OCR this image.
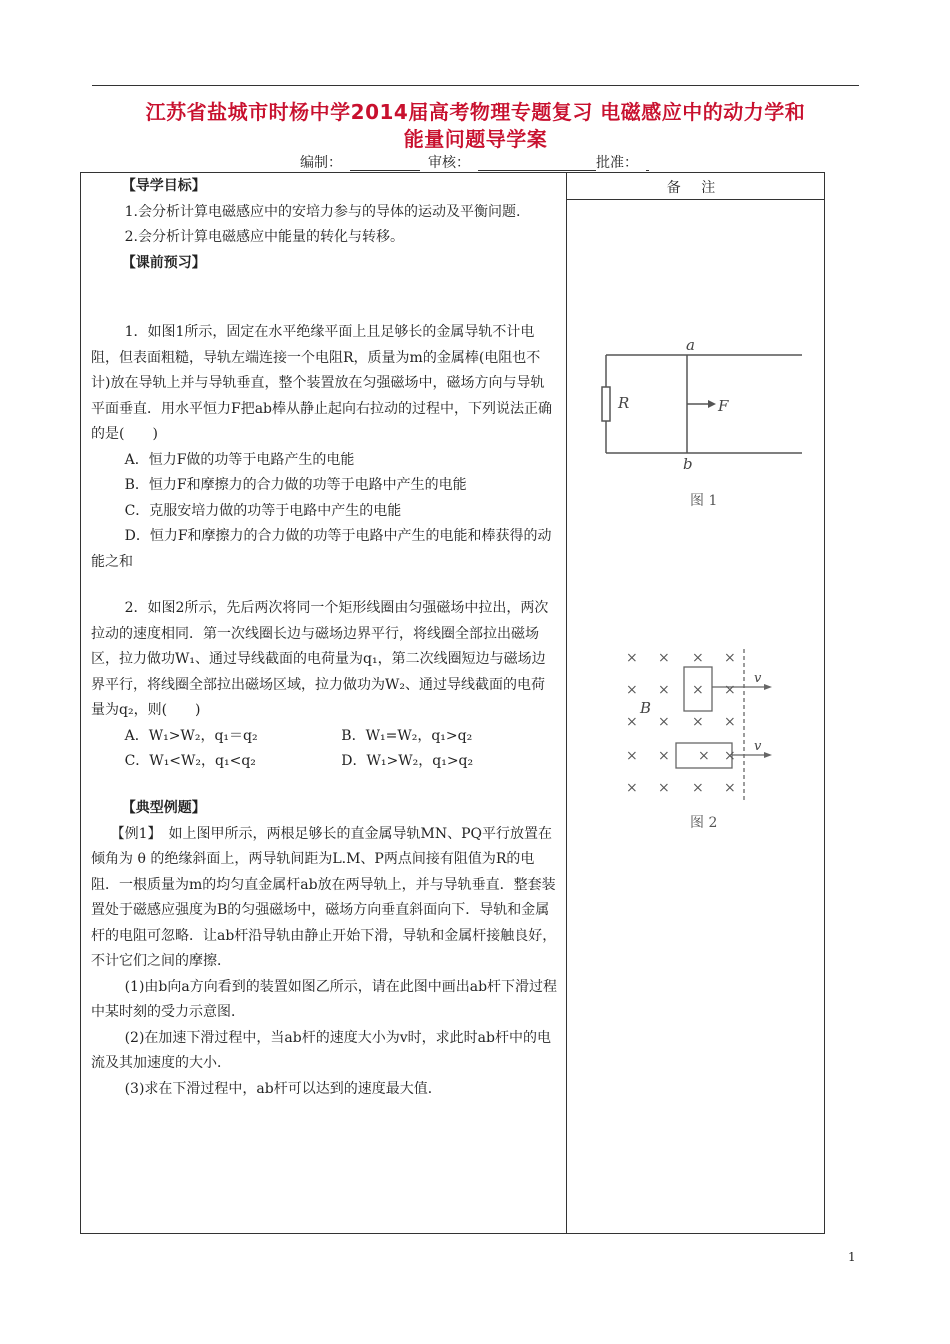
江苏省盐城市时杨中学2014届高考物理专题复习 电磁感应中的动力学和
能量问题导学案
编制：	审核：	批准：
备 注

【导学目标】

1.会分析计算电磁感应中的安培力参与的导体的运动及平衡问题.

2.会分析计算电磁感应中能量的转化与转移。

【课前预习】

1．如图1所示，固定在水平绝缘平面上且足够长的金属导轨不计电阻，但表面粗糙，导轨左端连接一个电阻R，质量为m的金属棒(电阻也不计)放在导轨上并与导轨垂直，整个装置放在匀强磁场中，磁场方向与导轨平面垂直．用水平恒力F把ab棒从静止起向右拉动的过程中，下列说法正确的是(　　)

A．恒力F做的功等于电路产生的电能

B．恒力F和摩擦力的合力做的功等于电路中产生的电能

C．克服安培力做的功等于电路中产生的电能

D．恒力F和摩擦力的合力做的功等于电路中产生的电能和棒获得的动能之和

2．如图2所示，先后两次将同一个矩形线圈由匀强磁场中拉出，两次拉动的速度相同．第一次线圈长边与磁场边界平行，将线圈全部拉出磁场区，拉力做功W₁、通过导线截面的电荷量为q₁，第二次线圈短边与磁场边界平行，将线圈全部拉出磁场区域，拉力做功为W₂、通过导线截面的电荷量为q₂，则(　　)

A．W₁>W₂，q₁＝q₂	B．W₁=W₂，q₁>q₂
C．W₁<W₂，q₁<q₂	D．W₁>W₂，q₁>q₂

【典型例题】

【例1】　如上图甲所示，两根足够长的直金属导轨MN、PQ平行放置在倾角为 θ 的绝缘斜面上，两导轨间距为L.M、P两点间接有阻值为R的电阻．一根质量为m的均匀直金属杆ab放在两导轨上，并与导轨垂直．整套装置处于磁感应强度为B的匀强磁场中，磁场方向垂直斜面向下．导轨和金属杆的电阻可忽略．让ab杆沿导轨由静止开始下滑，导轨和金属杆接触良好，不计它们之间的摩擦．

(1)由b向a方向看到的装置如图乙所示，请在此图中画出ab杆下滑过程中某时刻的受力示意图．

(2)在加速下滑过程中，当ab杆的速度大小为v时，求此时ab杆中的电流及其加速度的大小．

(3)求在下滑过程中，ab杆可以达到的速度最大值．

a
b
R	F
图 1
× × × ×
× × × ×
× × × ×
× × × ×
× × × ×
B
v
v
图 2
1
